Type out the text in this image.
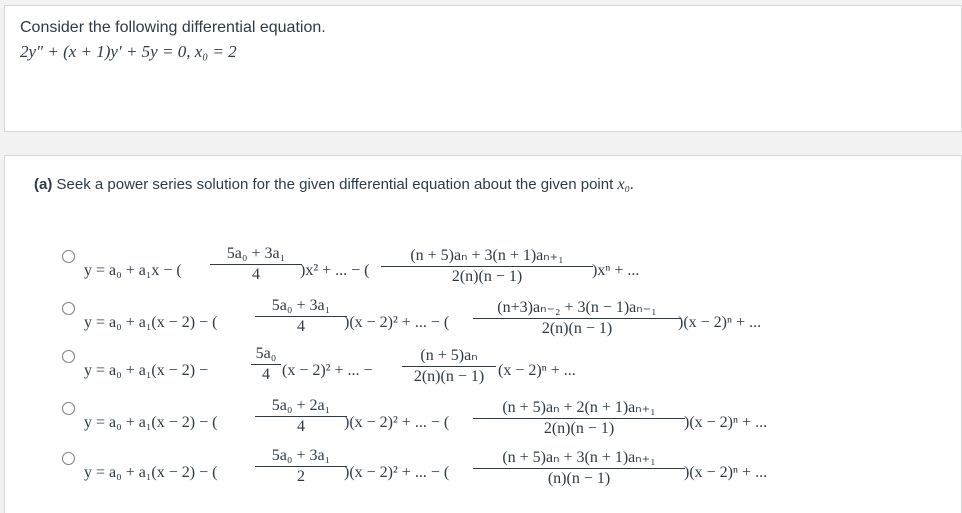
Consider the following differential equation.
2y″ + (x + 1)y′ + 5y = 0, x₀ = 2
(a) Seek a power series solution for the given differential equation about the given point x₀.
y = a₀ + a₁x − (
5a₀ + 3a₁
4	)x² + ... − (
(n + 5)aₙ + 3(n + 1)aₙ₊₁
2(n)(n − 1)	)xⁿ + ...
y = a₀ + a₁(x − 2) − (
5a₀ + 3a₁
4	)(x − 2)² + ... − (
(n+3)aₙ₋₂ + 3(n − 1)aₙ₋₁
2(n)(n − 1)	)(x − 2)ⁿ + ...
y = a₀ + a₁(x − 2) −
5a₀
4 (x − 2)² + ... −
(n + 5)aₙ
2(n)(n − 1) (x − 2)ⁿ + ...
y = a₀ + a₁(x − 2) − (
5a₀ + 2a₁
4	)(x − 2)² + ... − (
(n + 5)aₙ + 2(n + 1)aₙ₊₁
2(n)(n − 1)	)(x − 2)ⁿ + ...
y = a₀ + a₁(x − 2) − (
5a₀ + 3a₁
2	)(x − 2)² + ... − (
(n + 5)aₙ + 3(n + 1)aₙ₊₁
(n)(n − 1)	)(x − 2)ⁿ + ...
